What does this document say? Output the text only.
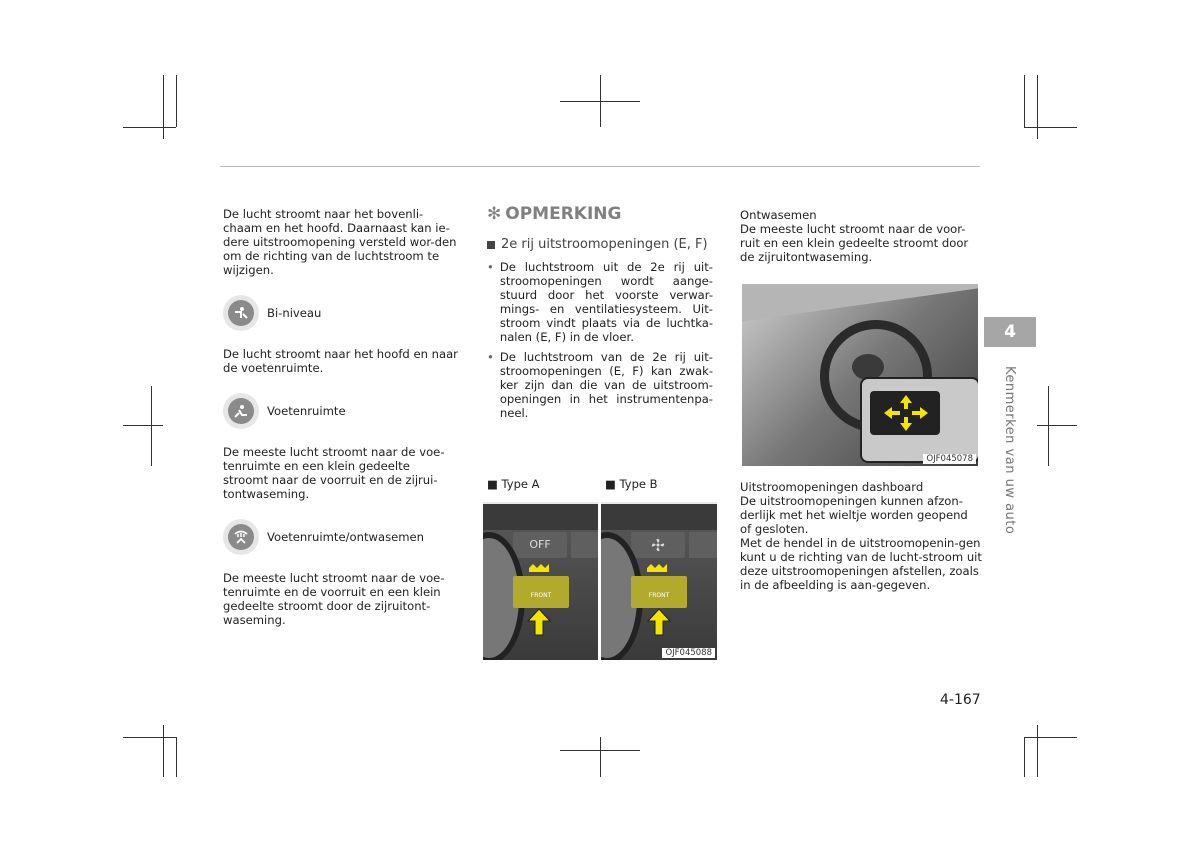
De lucht stroomt naar het bovenli-chaam en het hoofd. Daarnaast kan ie-dere uitstroomopening versteld wor-den om de richting van de luchtstroom te wijzigen.

Bi-niveau

De lucht stroomt naar het hoofd en naar de voetenruimte.

Voetenruimte

De meeste lucht stroomt naar de voe-tenruimte en een klein gedeelte stroomt naar de voorruit en de zijrui-tontwaseming.

Voetenruimte/ontwasemen

De meeste lucht stroomt naar de voe-tenruimte en de voorruit en een klein gedeelte stroomt door de zijruitont-waseming.

✻ OPMERKING
2e rij uitstroomopeningen (E, F)
• De luchtstroom uit de 2e rij uit-stroomopeningen wordt aange-stuurd door het voorste verwar-mings- en ventilatiesysteem. Uit-stroom vindt plaats via de luchtka-nalen (E, F) in de vloer.
• De luchtstroom van de 2e rij uit-stroomopeningen (E, F) kan zwak-ker zijn dan die van de uitstroom-openingen in het instrumentenpa-neel.
■ Type A
OFF
FRONT
■ Type B
FRONT
OJF045088

Ontwasemen

De meeste lucht stroomt naar de voor-ruit en een klein gedeelte stroomt door de zijruitontwaseming.

OJF045078

Uitstroomopeningen dashboard

De uitstroomopeningen kunnen afzon-derlijk met het wieltje worden geopend of gesloten.

Met de hendel in de uitstroomopenin-gen kunt u de richting van de lucht-stroom uit deze uitstroomopeningen afstellen, zoals in de afbeelding is aan-gegeven.

4
Kenmerken van uw auto
4-167
